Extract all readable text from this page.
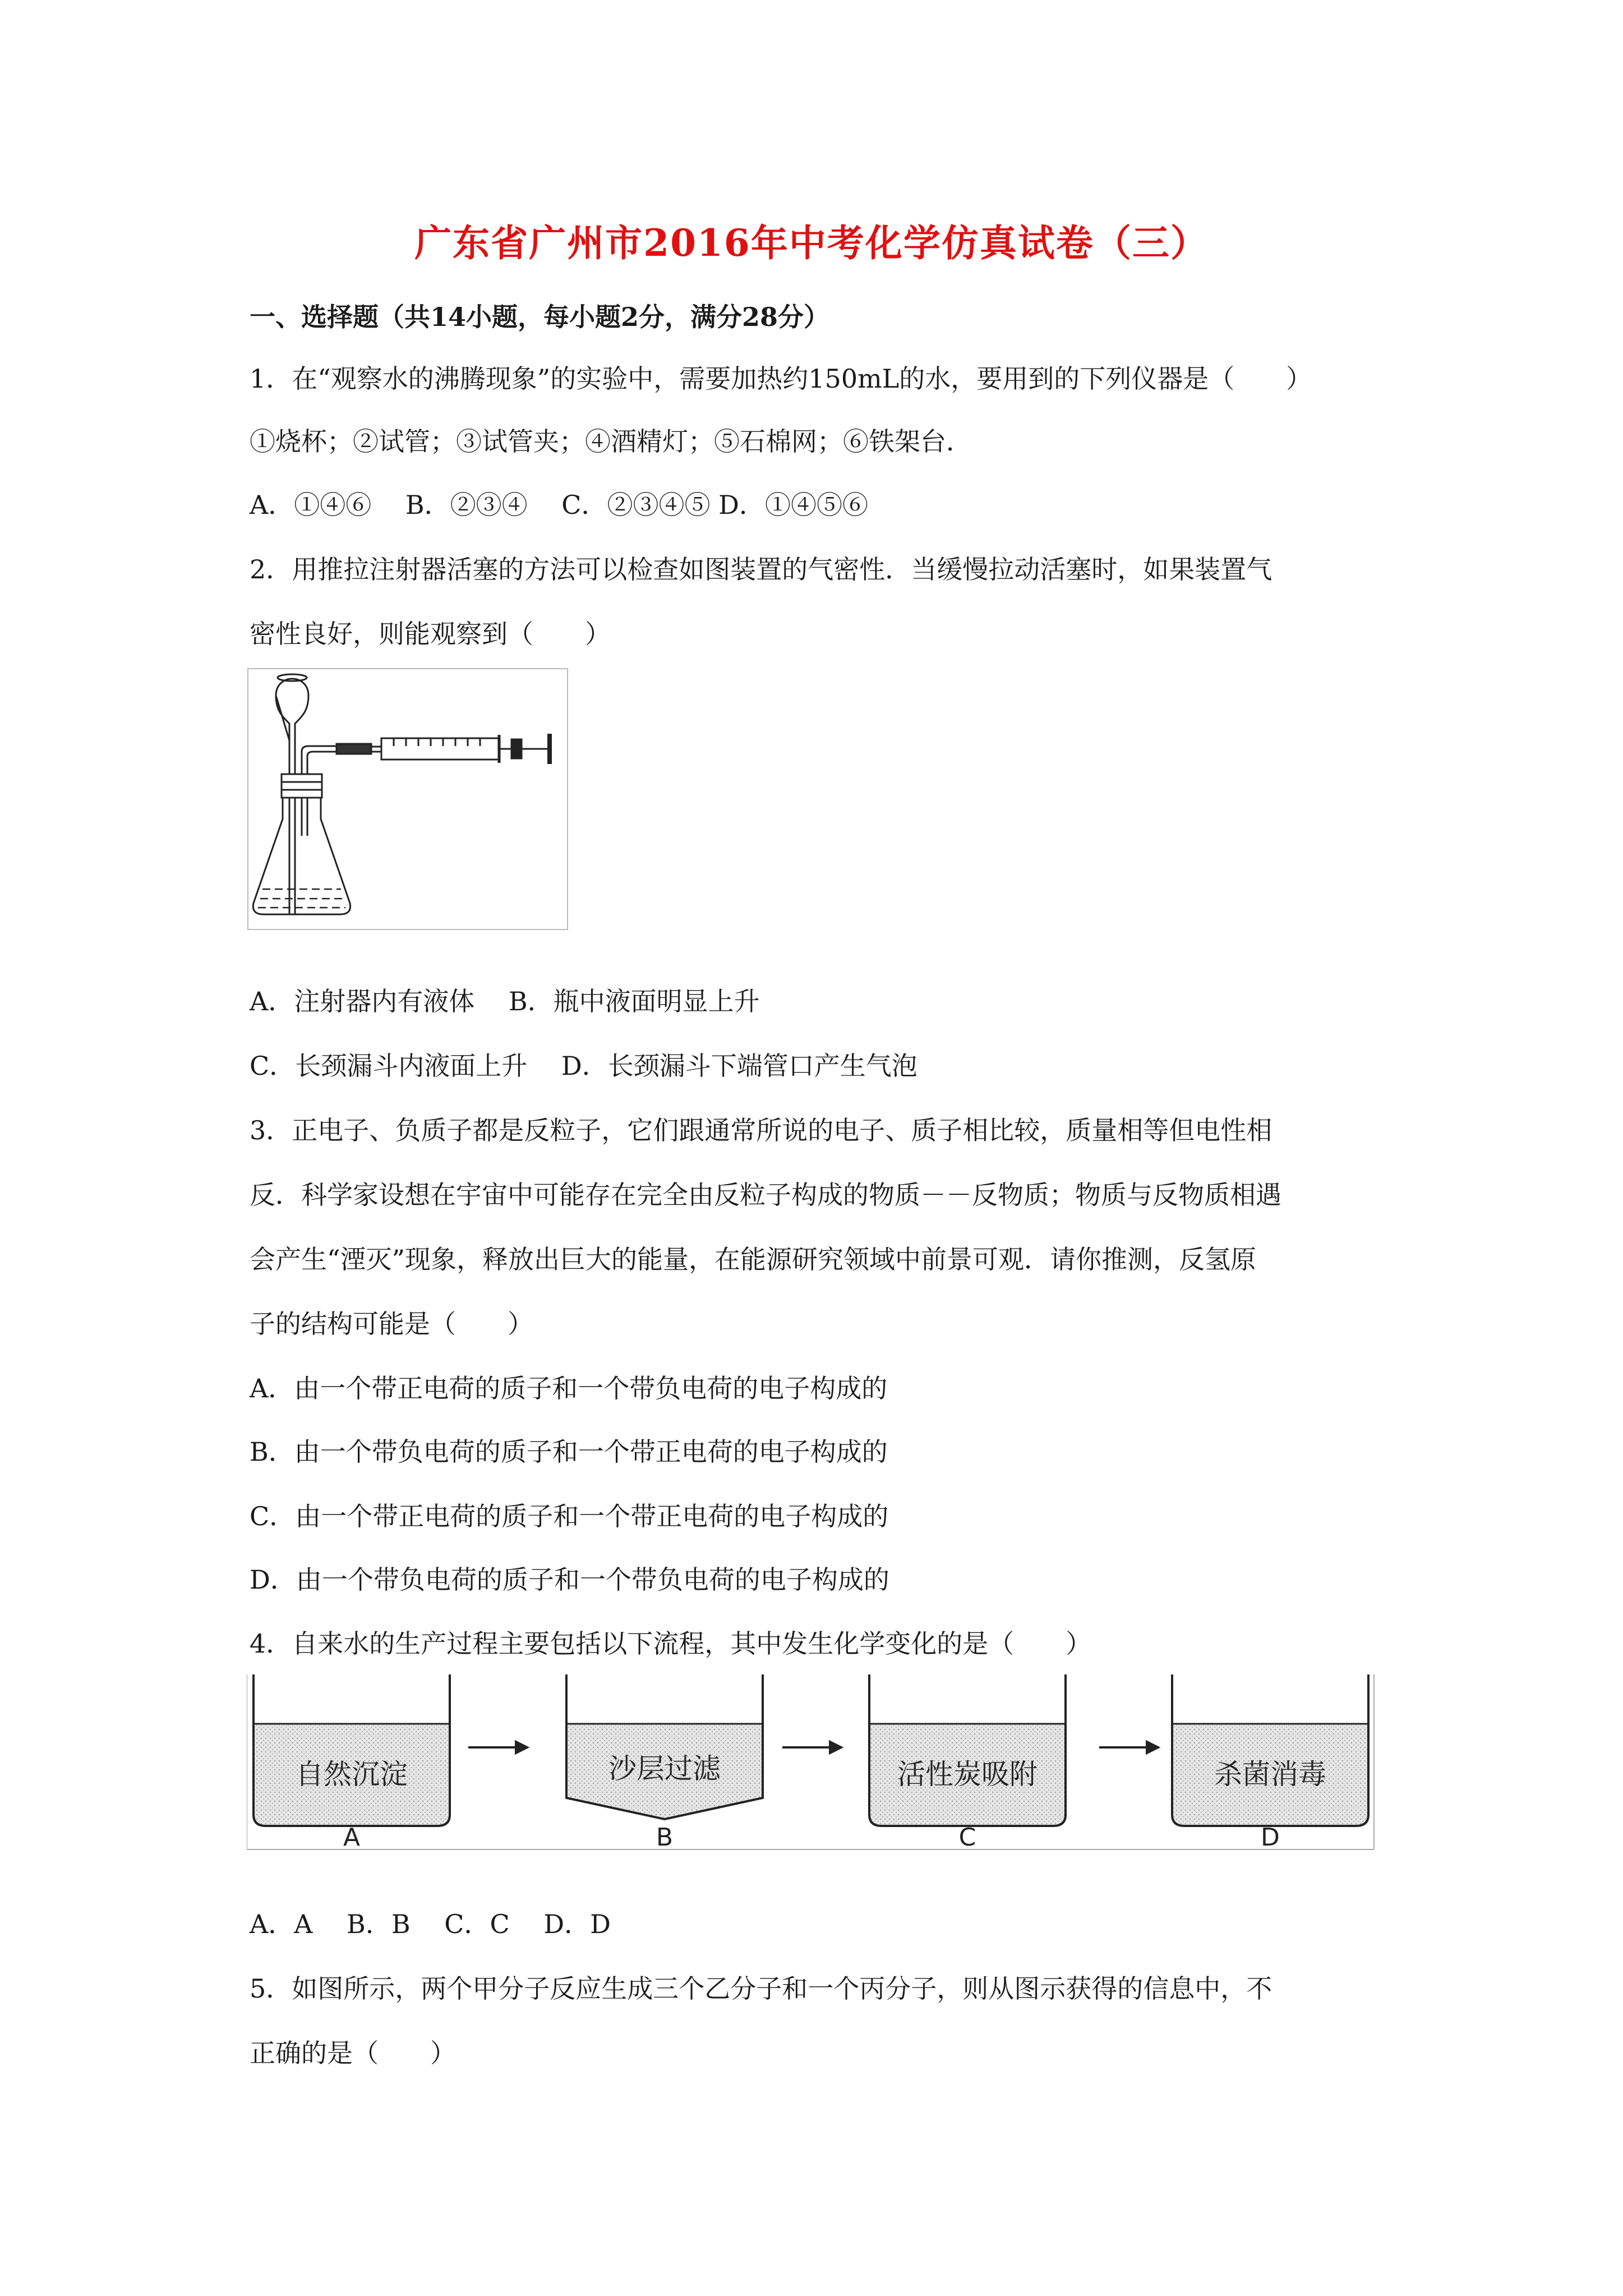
广东省广州市2016年中考化学仿真试卷（三）
一、选择题（共14小题，每小题2分，满分28分）
1．在“观察水的沸腾现象”的实验中，需要加热约150mL的水，要用到的下列仪器是（　　）
①烧杯；②试管；③试管夹；④酒精灯；⑤石棉网；⑥铁架台．
A．①④⑥　 B．②③④　 C．②③④⑤ D．①④⑤⑥
2．用推拉注射器活塞的方法可以检查如图装置的气密性．当缓慢拉动活塞时，如果装置气
密性良好，则能观察到（　　）
A．注射器内有液体　 B．瓶中液面明显上升
C．长颈漏斗内液面上升　 D．长颈漏斗下端管口产生气泡
3．正电子、负质子都是反粒子，它们跟通常所说的电子、质子相比较，质量相等但电性相
反．科学家设想在宇宙中可能存在完全由反粒子构成的物质－－反物质；物质与反物质相遇
会产生“湮灭”现象，释放出巨大的能量，在能源研究领域中前景可观．请你推测，反氢原
子的结构可能是（　　）
A．由一个带正电荷的质子和一个带负电荷的电子构成的
B．由一个带负电荷的质子和一个带正电荷的电子构成的
C．由一个带正电荷的质子和一个带正电荷的电子构成的
D．由一个带负电荷的质子和一个带负电荷的电子构成的
4．自来水的生产过程主要包括以下流程，其中发生化学变化的是（　　）
自然沉淀	沙层过滤	活性炭吸附	杀菌消毒
A	B	C	D
A．A　 B．B　 C．C　 D．D
5．如图所示，两个甲分子反应生成三个乙分子和一个丙分子，则从图示获得的信息中，不
正确的是（　　）
